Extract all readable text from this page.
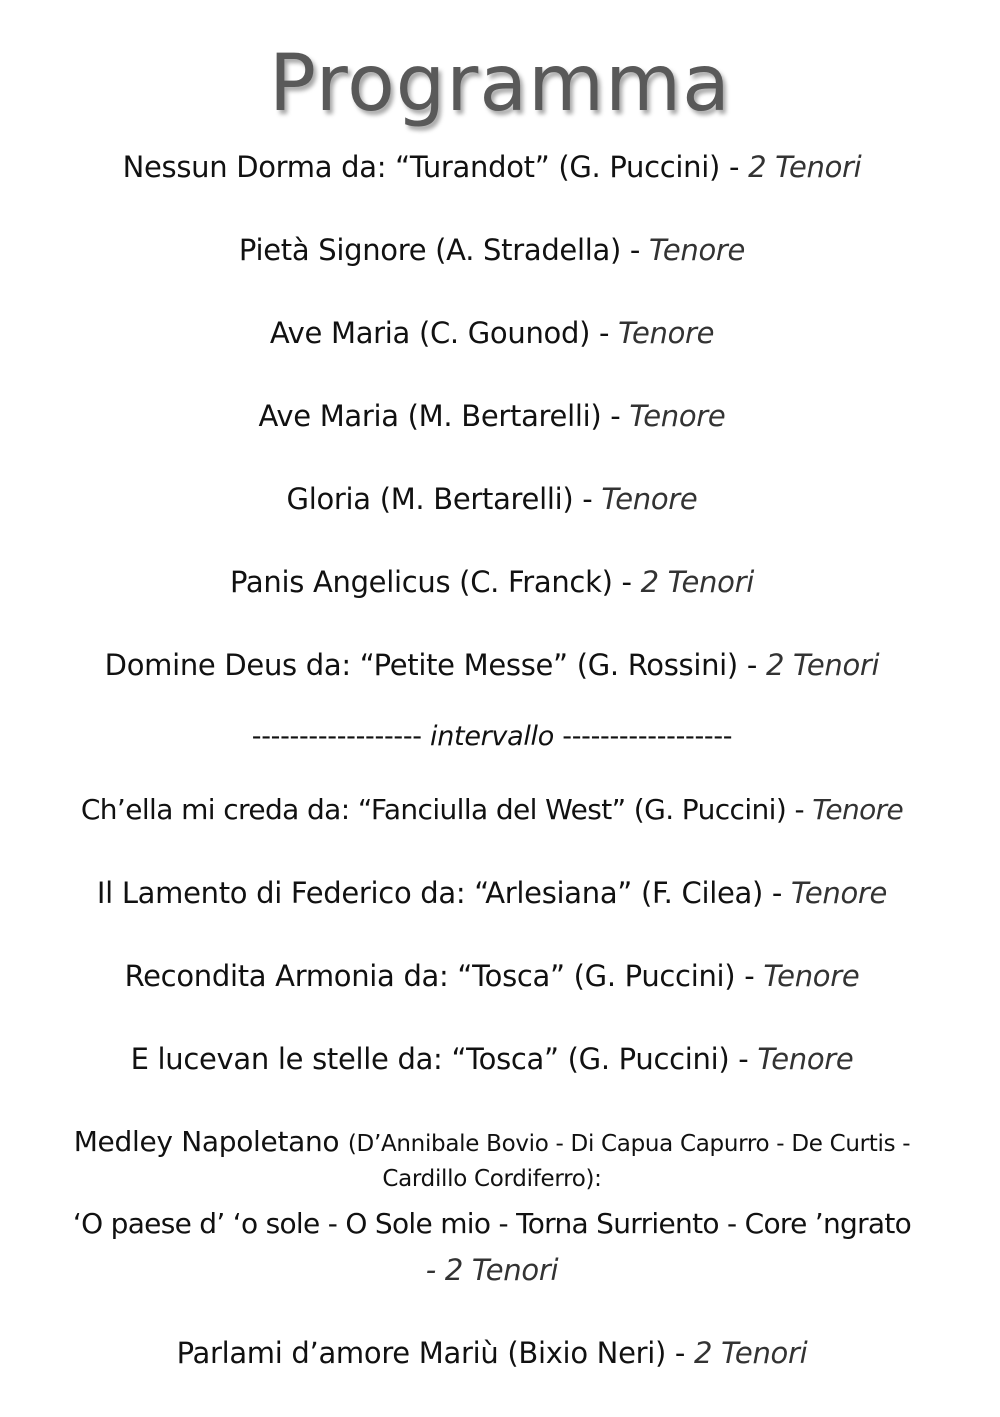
Programma
Nessun Dorma da: “Turandot” (G. Puccini) - 2 Tenori
Pietà Signore (A. Stradella) - Tenore
Ave Maria (C. Gounod) - Tenore
Ave Maria (M. Bertarelli) - Tenore
Gloria (M. Bertarelli) - Tenore
Panis Angelicus (C. Franck) - 2 Tenori
Domine Deus da: “Petite Messe” (G. Rossini) - 2 Tenori
------------------ intervallo ------------------
Ch’ella mi creda da: “Fanciulla del West” (G. Puccini) - Tenore
Il Lamento di Federico da: “Arlesiana” (F. Cilea) - Tenore
Recondita Armonia da: “Tosca” (G. Puccini) - Tenore
E lucevan le stelle da: “Tosca” (G. Puccini) - Tenore
Medley Napoletano (D’Annibale Bovio - Di Capua Capurro - De Curtis -
Cardillo Cordiferro):
‘O paese d’ ‘o sole - O Sole mio - Torna Surriento - Core ’ngrato
- 2 Tenori
Parlami d’amore Mariù (Bixio Neri) - 2 Tenori
